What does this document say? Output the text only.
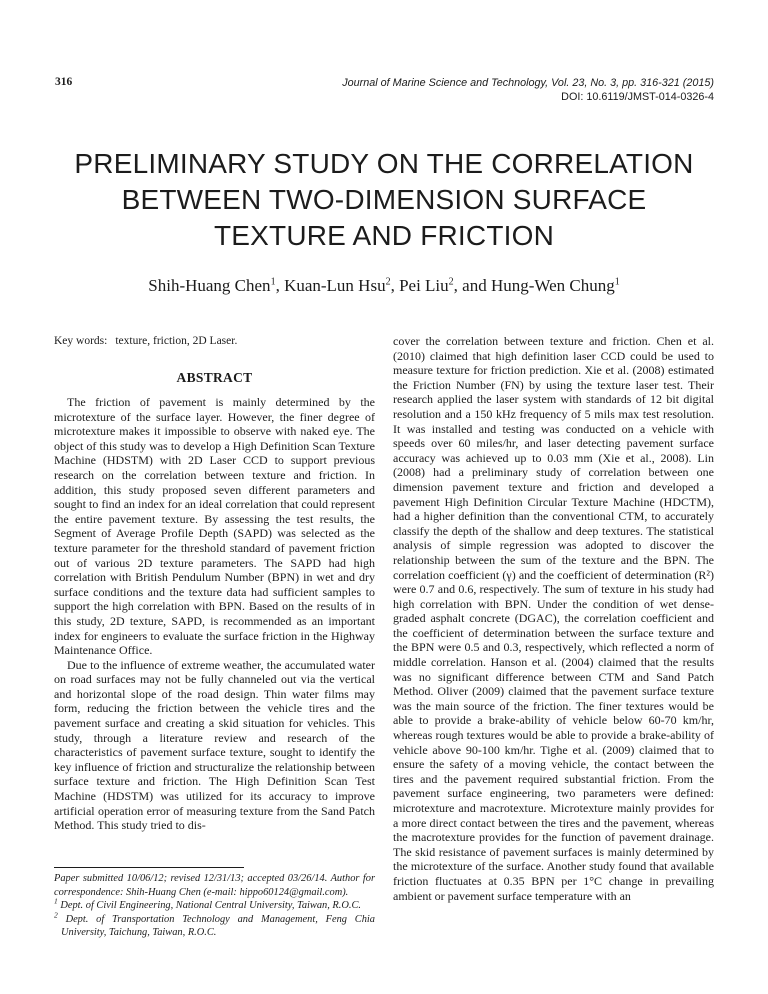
316	Journal of Marine Science and Technology, Vol. 23, No. 3, pp. 316-321 (2015)
DOI: 10.6119/JMST-014-0326-4
PRELIMINARY STUDY ON THE CORRELATION
BETWEEN TWO-DIMENSION SURFACE
TEXTURE AND FRICTION
Shih-Huang Chen$^1$, Kuan-Lun Hsu$^2$, Pei Liu$^2$, and Hung-Wen Chung$^1$
Key words: texture, friction, 2D Laser.
ABSTRACT

The friction of pavement is mainly determined by the microtexture of the surface layer. However, the finer degree of microtexture makes it impossible to observe with naked eye. The object of this study was to develop a High Definition Scan Texture Machine (HDSTM) with 2D Laser CCD to support previous research on the correlation between texture and friction. In addition, this study proposed seven different parameters and sought to find an index for an ideal correlation that could represent the entire pavement texture. By assessing the test results, the Segment of Average Profile Depth (SAPD) was selected as the texture parameter for the threshold standard of pavement friction out of various 2D texture parameters. The SAPD had high correlation with British Pendulum Number (BPN) in wet and dry surface conditions and the texture data had sufficient samples to support the high correlation with BPN. Based on the results of in this study, 2D texture, SAPD, is recommended as an important index for engineers to evaluate the surface friction in the Highway Maintenance Office.

Due to the influence of extreme weather, the accumulated water on road surfaces may not be fully channeled out via the vertical and horizontal slope of the road design. Thin water films may form, reducing the friction between the vehicle tires and the pavement surface and creating a skid situation for vehicles. This study, through a literature review and research of the characteristics of pavement surface texture, sought to identify the key influence of friction and structuralize the relationship between surface texture and friction. The High Definition Scan Test Machine (HDSTM) was utilized for its accuracy to improve artificial operation error of measuring texture from the Sand Patch Method. This study tried to dis-

Paper submitted 10/06/12; revised 12/31/13; accepted 03/26/14. Author for correspondence: Shih-Huang Chen (e-mail: hippo60124@gmail.com).

$^1$ Dept. of Civil Engineering, National Central University, Taiwan, R.O.C.

$^2$ Dept. of Transportation Technology and Management, Feng Chia University, Taichung, Taiwan, R.O.C.

cover the correlation between texture and friction. Chen et al. (2010) claimed that high definition laser CCD could be used to measure texture for friction prediction. Xie et al. (2008) estimated the Friction Number (FN) by using the texture laser test. Their research applied the laser system with standards of 12 bit digital resolution and a 150 kHz frequency of 5 mils max test resolution. It was installed and testing was conducted on a vehicle with speeds over 60 miles/hr, and laser detecting pavement surface accuracy was achieved up to 0.03 mm (Xie et al., 2008). Lin (2008) had a preliminary study of correlation between one dimension pavement texture and friction and developed a pavement High Definition Circular Texture Machine (HDCTM), had a higher definition than the conventional CTM, to accurately classify the depth of the shallow and deep textures. The statistical analysis of simple regression was adopted to discover the relationship between the sum of the texture and the BPN. The correlation coefficient (γ) and the coefficient of determination (R²) were 0.7 and 0.6, respectively. The sum of texture in his study had high correlation with BPN. Under the condition of wet dense-graded asphalt concrete (DGAC), the correlation coefficient and the coefficient of determination between the surface texture and the BPN were 0.5 and 0.3, respectively, which reflected a norm of middle correlation. Hanson et al. (2004) claimed that the results was no significant difference between CTM and Sand Patch Method. Oliver (2009) claimed that the pavement surface texture was the main source of the friction. The finer textures would be able to provide a brake-ability of vehicle below 60-70 km/hr, whereas rough textures would be able to provide a brake-ability of vehicle above 90-100 km/hr. Tighe et al. (2009) claimed that to ensure the safety of a moving vehicle, the contact between the tires and the pavement required substantial friction. From the pavement surface engineering, two parameters were defined: microtexture and macrotexture. Microtexture mainly provides for a more direct contact between the tires and the pavement, whereas the macrotexture provides for the function of pavement drainage. The skid resistance of pavement surfaces is mainly determined by the microtexture of the surface. Another study found that available friction fluctuates at 0.35 BPN per 1°C change in prevailing ambient or pavement surface temperature with an
